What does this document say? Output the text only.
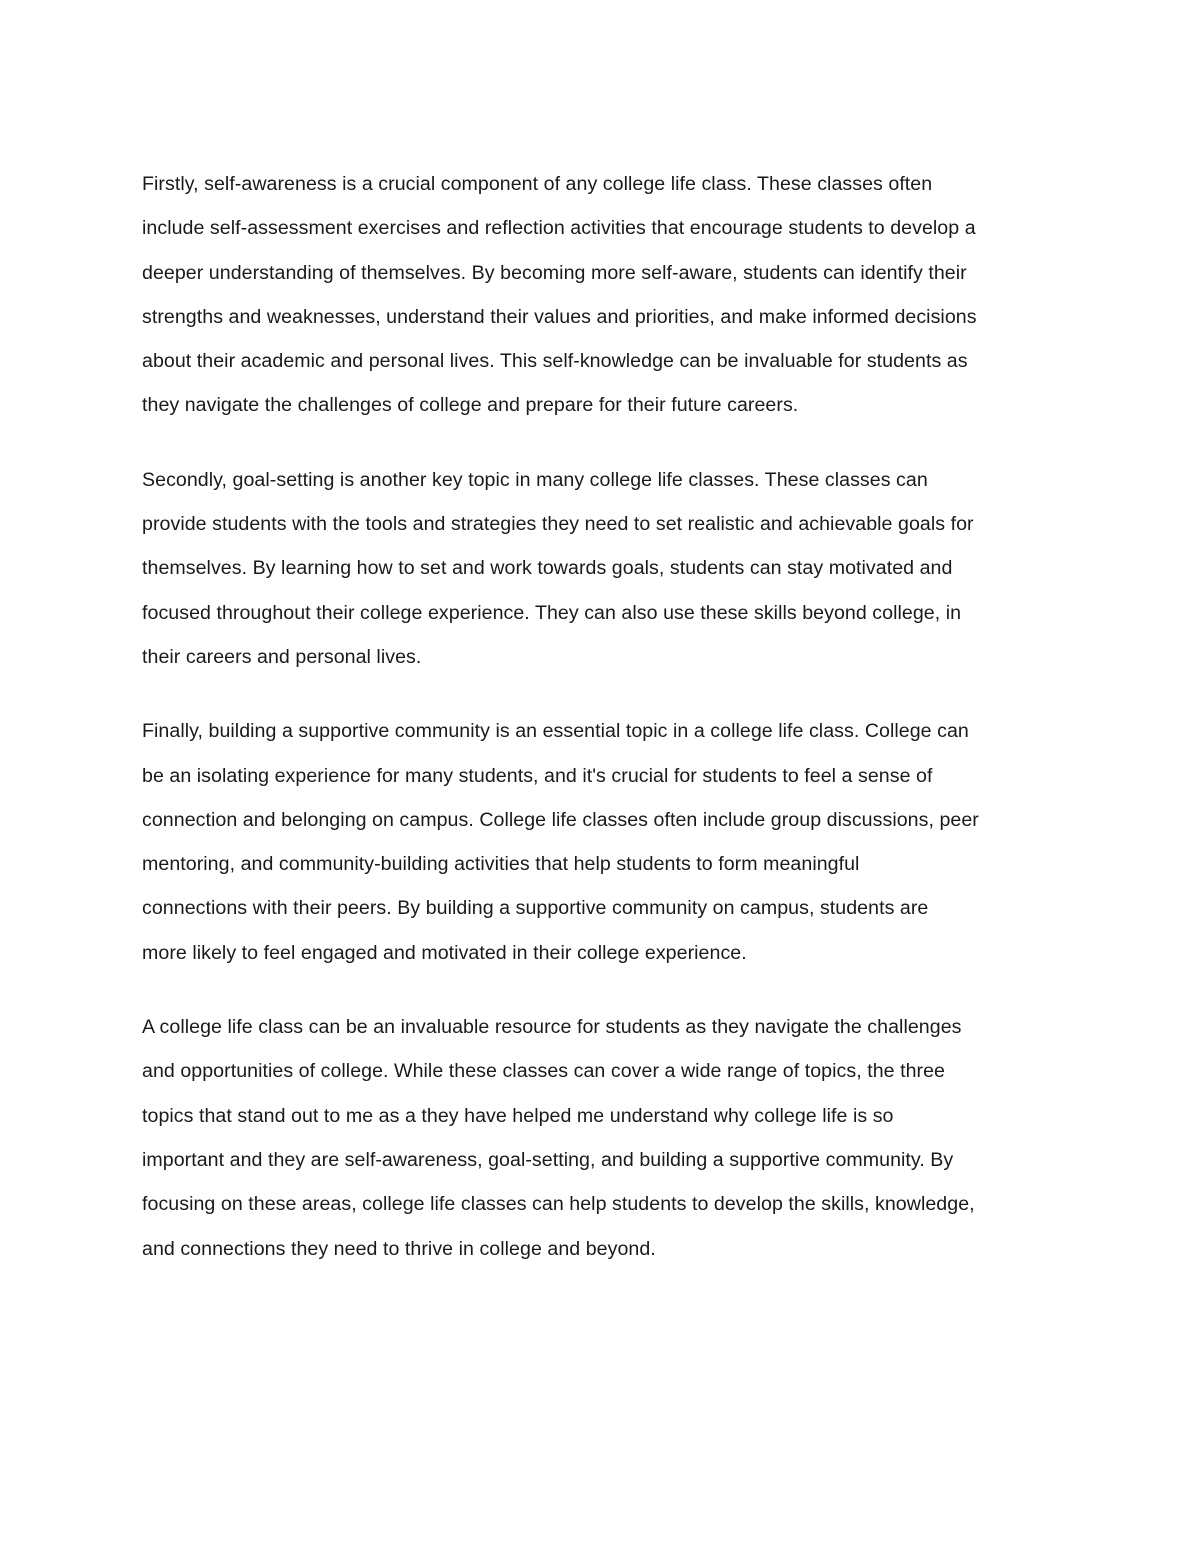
Firstly, self-awareness is a crucial component of any college life class. These classes often
include self-assessment exercises and reflection activities that encourage students to develop a
deeper understanding of themselves. By becoming more self-aware, students can identify their
strengths and weaknesses, understand their values and priorities, and make informed decisions
about their academic and personal lives. This self-knowledge can be invaluable for students as
they navigate the challenges of college and prepare for their future careers.
Secondly, goal-setting is another key topic in many college life classes. These classes can
provide students with the tools and strategies they need to set realistic and achievable goals for
themselves. By learning how to set and work towards goals, students can stay motivated and
focused throughout their college experience. They can also use these skills beyond college, in
their careers and personal lives.
Finally, building a supportive community is an essential topic in a college life class. College can
be an isolating experience for many students, and it's crucial for students to feel a sense of
connection and belonging on campus. College life classes often include group discussions, peer
mentoring, and community-building activities that help students to form meaningful
connections with their peers. By building a supportive community on campus, students are
more likely to feel engaged and motivated in their college experience.
A college life class can be an invaluable resource for students as they navigate the challenges
and opportunities of college. While these classes can cover a wide range of topics, the three
topics that stand out to me as a they have helped me understand why college life is so
important and they are self-awareness, goal-setting, and building a supportive community. By
focusing on these areas, college life classes can help students to develop the skills, knowledge,
and connections they need to thrive in college and beyond.
